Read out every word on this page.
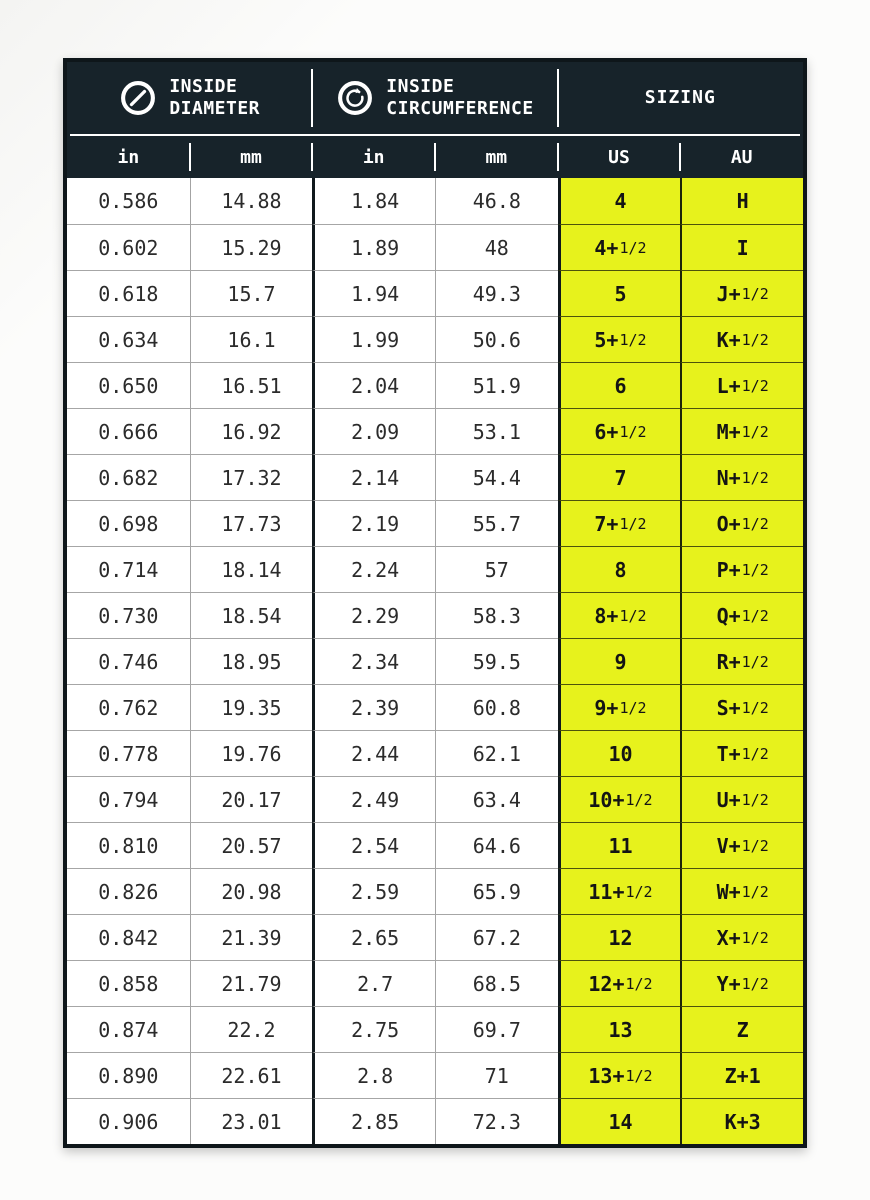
INSIDE
DIAMETER
INSIDE
CIRCUMFERENCE
SIZING
in	mm	in	mm	US	AU
0.586	14.88	1.84	46.8	4	H
0.602	15.29	1.89	48	4+ 1/2	I
0.618	15.7	1.94	49.3	5	J+ 1/2
0.634	16.1	1.99	50.6	5+ 1/2	K+ 1/2
0.650	16.51	2.04	51.9	6	L+ 1/2
0.666	16.92	2.09	53.1	6+ 1/2	M+ 1/2
0.682	17.32	2.14	54.4	7	N+ 1/2
0.698	17.73	2.19	55.7	7+ 1/2	O+ 1/2
0.714	18.14	2.24	57	8	P+ 1/2
0.730	18.54	2.29	58.3	8+ 1/2	Q+ 1/2
0.746	18.95	2.34	59.5	9	R+ 1/2
0.762	19.35	2.39	60.8	9+ 1/2	S+ 1/2
0.778	19.76	2.44	62.1	10	T+ 1/2
0.794	20.17	2.49	63.4	10+ 1/2	U+ 1/2
0.810	20.57	2.54	64.6	11	V+ 1/2
0.826	20.98	2.59	65.9	11+ 1/2	W+ 1/2
0.842	21.39	2.65	67.2	12	X+ 1/2
0.858	21.79	2.7	68.5	12+ 1/2	Y+ 1/2
0.874	22.2	2.75	69.7	13	Z
0.890	22.61	2.8	71	13+ 1/2	Z+1
0.906	23.01	2.85	72.3	14	K+3
